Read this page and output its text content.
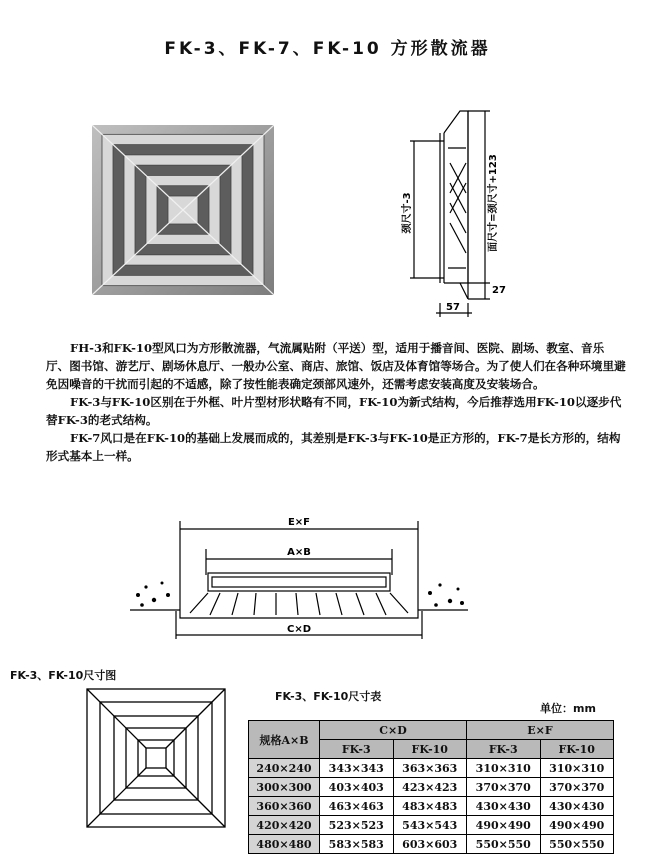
FK-3、FK-7、FK-10 方形散流器
颈尺寸-3	面尺寸=颈尺寸+123
27
57

FH-3和FK-10型风口为方形散流器，气流属贴附（平送）型，适用于播音间、医院、剧场、教室、音乐厅、图书馆、游艺厅、剧场休息厅、一般办公室、商店、旅馆、饭店及体育馆等场合。为了使人们在各种环境里避免因噪音的干扰而引起的不适感，除了按性能表确定颈部风速外，还需考虑安装高度及安装场合。

FK-3与FK-10区别在于外框、叶片型材形状略有不同，FK-10为新式结构，今后推荐选用FK-10以逐步代替FK-3的老式结构。

FK-7风口是在FK-10的基础上发展而成的，其差别是FK-3与FK-10是正方形的，FK-7是长方形的，结构形式基本上一样。

E×F
A×B
C×D
FK-3、FK-10尺寸图
FK-3、FK-10尺寸表
单位：mm
规格A×B	C×D		E×F	
	FK-3	FK-10	FK-3	FK-10
240×240	343×343	363×363	310×310	310×310
300×300	403×403	423×423	370×370	370×370
360×360	463×463	483×483	430×430	430×430
420×420	523×523	543×543	490×490	490×490
480×480	583×583	603×603	550×550	550×550
